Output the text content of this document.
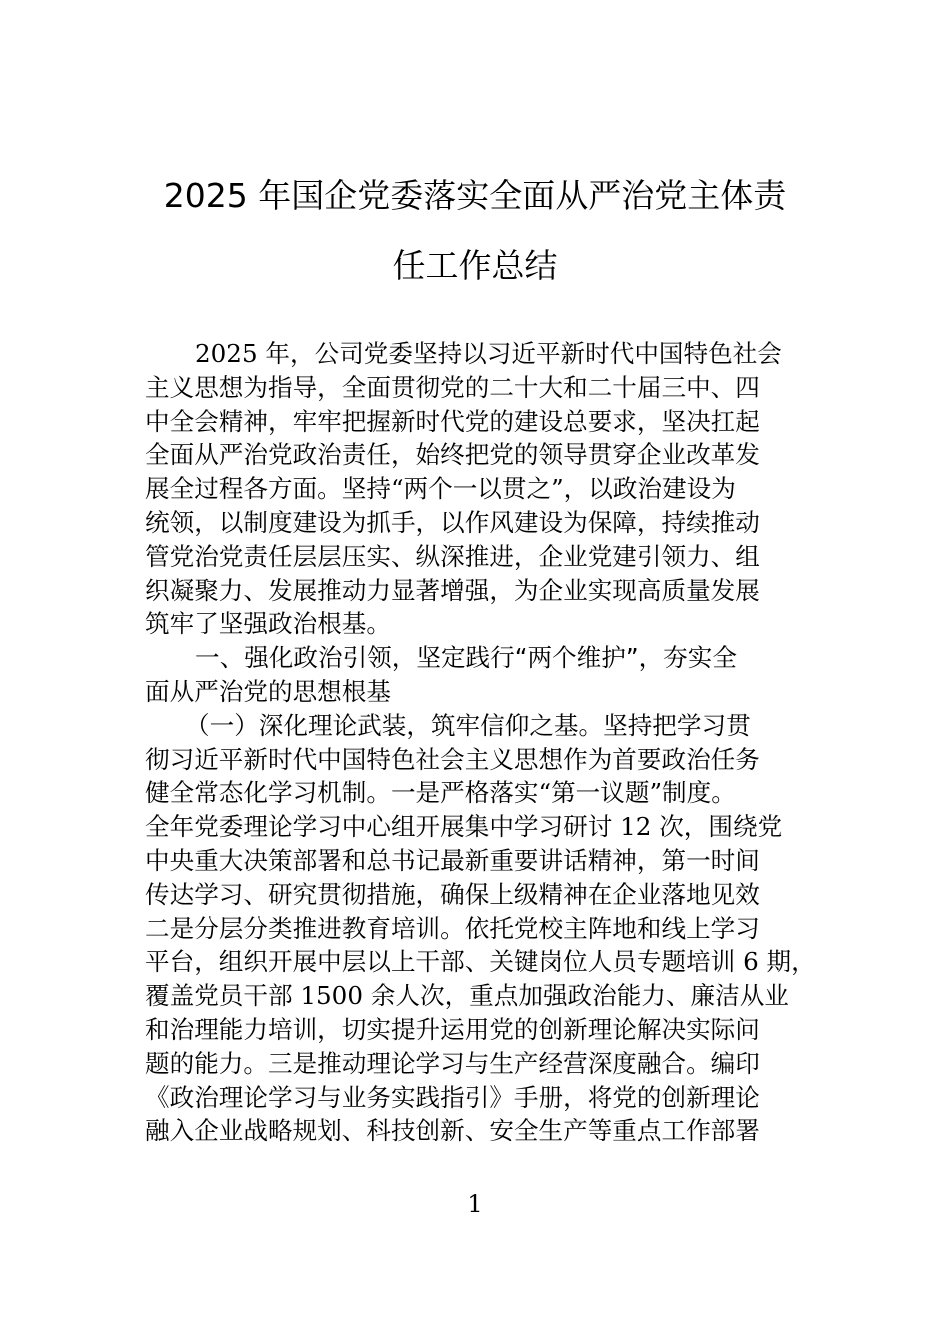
2025 年国企党委落实全面从严治党主体责
任工作总结
2025 年，公司党委坚持以习近平新时代中国特色社会
主义思想为指导，全面贯彻党的二十大和二十届三中、四
中全会精神，牢牢把握新时代党的建设总要求，坚决扛起
全面从严治党政治责任，始终把党的领导贯穿企业改革发
展全过程各方面。坚持“两个一以贯之”，以政治建设为
统领，以制度建设为抓手，以作风建设为保障，持续推动
管党治党责任层层压实、纵深推进，企业党建引领力、组
织凝聚力、发展推动力显著增强，为企业实现高质量发展
筑牢了坚强政治根基。
一、强化政治引领，坚定践行“两个维护”，夯实全
面从严治党的思想根基
（一）深化理论武装，筑牢信仰之基。坚持把学习贯
彻习近平新时代中国特色社会主义思想作为首要政治任务
健全常态化学习机制。一是严格落实“第一议题”制度。
全年党委理论学习中心组开展集中学习研讨 12 次，围绕党
中央重大决策部署和总书记最新重要讲话精神，第一时间
传达学习、研究贯彻措施，确保上级精神在企业落地见效
二是分层分类推进教育培训。依托党校主阵地和线上学习
平台，组织开展中层以上干部、关键岗位人员专题培训 6 期，
覆盖党员干部 1500 余人次，重点加强政治能力、廉洁从业
和治理能力培训，切实提升运用党的创新理论解决实际问
题的能力。三是推动理论学习与生产经营深度融合。编印
《政治理论学习与业务实践指引》手册，将党的创新理论
融入企业战略规划、科技创新、安全生产等重点工作部署
1
